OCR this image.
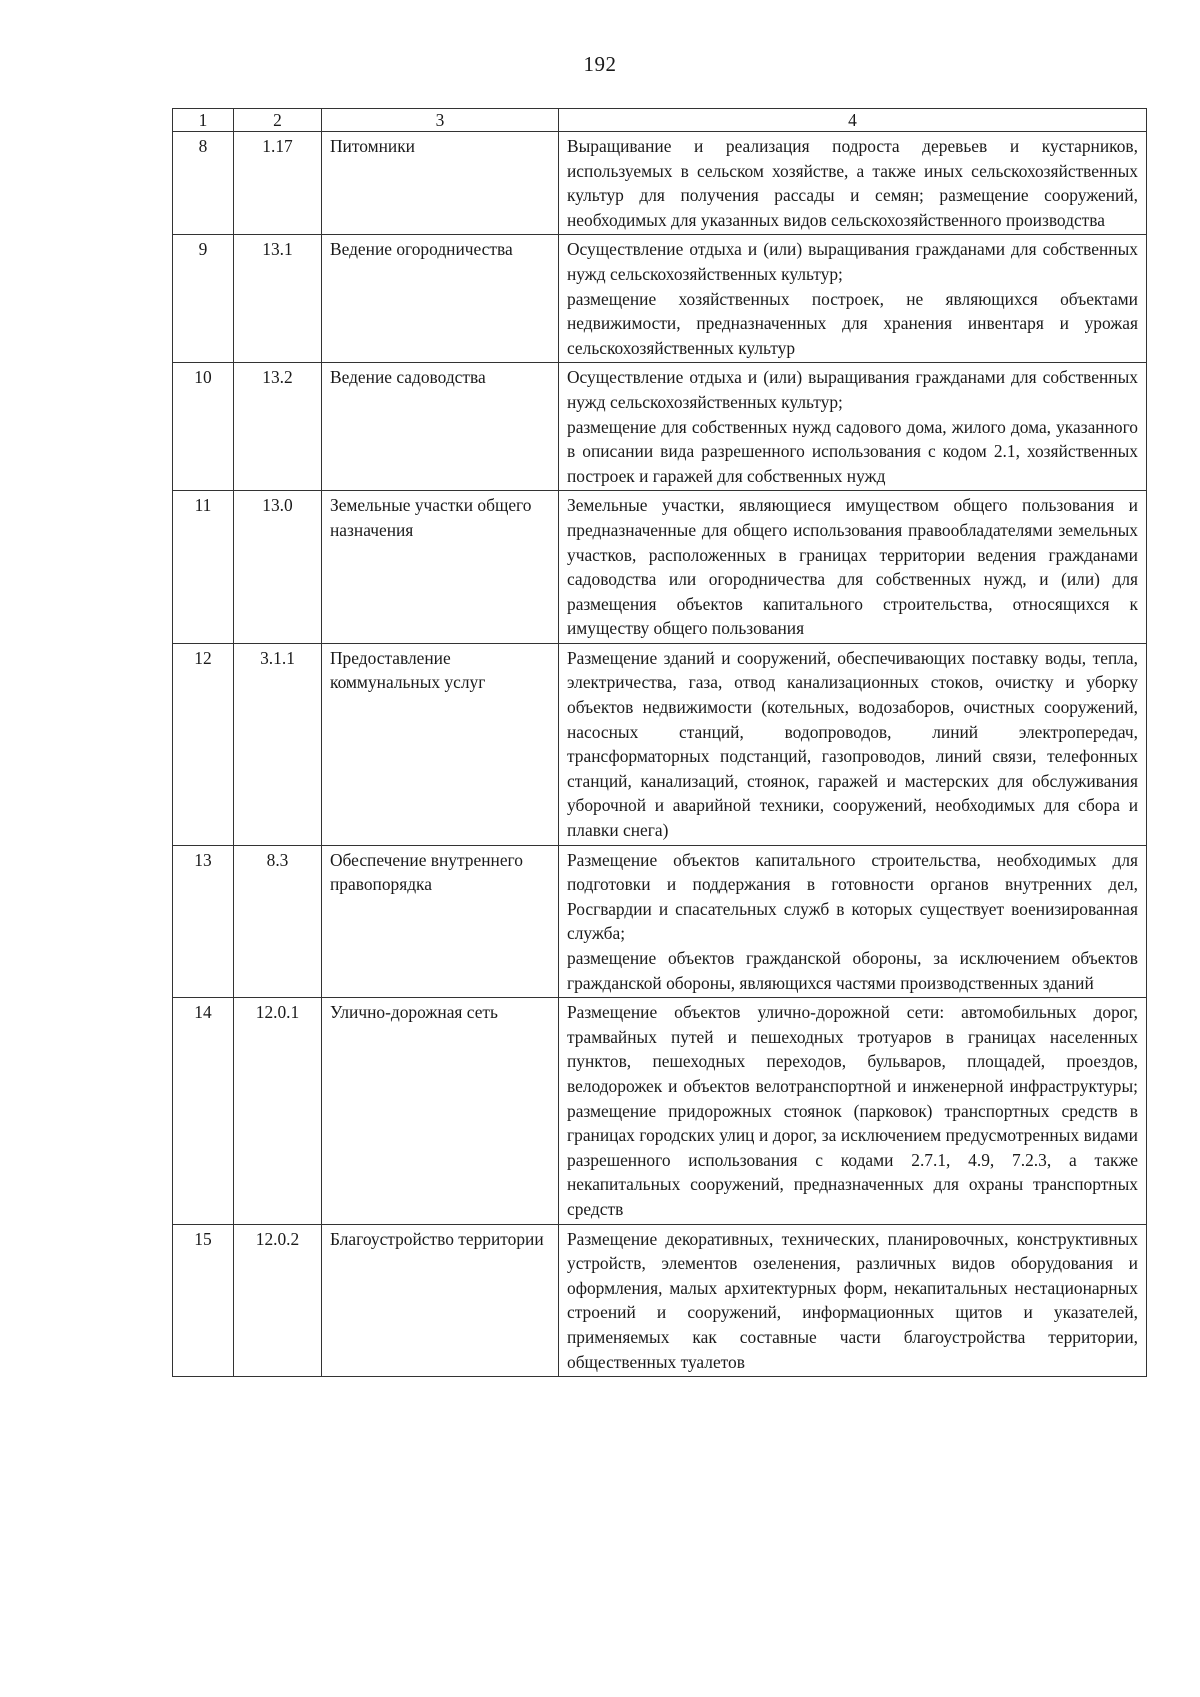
192
1	2	3	4
8	1.17	Питомники	Выращивание и реализация подроста деревьев и кустарников, используемых в сельском хозяйстве, а также иных сельскохозяйственных культур для получения рассады и семян; размещение сооружений, необходимых для указанных видов сельскохозяйственного производства

9	13.1	Ведение огородничества	Осуществление отдыха и (или) выращивания гражданами для собственных нужд сельскохозяйственных культур;
размещение хозяйственных построек, не являющихся объектами недвижимости, предназначенных для хранения инвентаря и урожая сельскохозяйственных культур

10	13.2	Ведение садоводства	Осуществление отдыха и (или) выращивания гражданами для собственных нужд сельскохозяйственных культур;
размещение для собственных нужд садового дома, жилого дома, указанного в описании вида разрешенного использования с кодом 2.1, хозяйственных построек и гаражей для собственных нужд

11	13.0	Земельные участки общего назначения	Земельные участки, являющиеся имуществом общего пользования и предназначенные для общего использования правообладателями земельных участков, расположенных в границах территории ведения гражданами садоводства или огородничества для собственных нужд, и (или) для размещения объектов капитального строительства, относящихся к имуществу общего пользования

12	3.1.1	Предоставление коммунальных услуг	Размещение зданий и сооружений, обеспечивающих поставку воды, тепла, электричества, газа, отвод канализационных стоков, очистку и уборку объектов недвижимости (котельных, водозаборов, очистных сооружений, насосных станций, водопроводов, линий электропередач, трансформаторных подстанций, газопроводов, линий связи, телефонных станций, канализаций, стоянок, гаражей и мастерских для обслуживания уборочной и аварийной техники, сооружений, необходимых для сбора и плавки снега)

13	8.3	Обеспечение внутреннего правопорядка	Размещение объектов капитального строительства, необходимых для подготовки и поддержания в готовности органов внутренних дел, Росгвардии и спасательных служб в которых существует военизированная служба;
размещение объектов гражданской обороны, за исключением объектов гражданской обороны, являющихся частями производственных зданий

14	12.0.1	Улично-дорожная сеть	Размещение объектов улично-дорожной сети: автомобильных дорог, трамвайных путей и пешеходных тротуаров в границах населенных пунктов, пешеходных переходов, бульваров, площадей, проездов, велодорожек и объектов велотранспортной и инженерной инфраструктуры; размещение придорожных стоянок (парковок) транспортных средств в границах городских улиц и дорог, за исключением предусмотренных видами разрешенного использования с кодами 2.7.1, 4.9, 7.2.3, а также некапитальных сооружений, предназначенных для охраны транспортных средств

15	12.0.2	Благоустройство территории	Размещение декоративных, технических, планировочных, конструктивных устройств, элементов озеленения, различных видов оборудования и оформления, малых архитектурных форм, некапитальных нестационарных строений и сооружений, информационных щитов и указателей, применяемых как составные части благоустройства территории, общественных туалетов
